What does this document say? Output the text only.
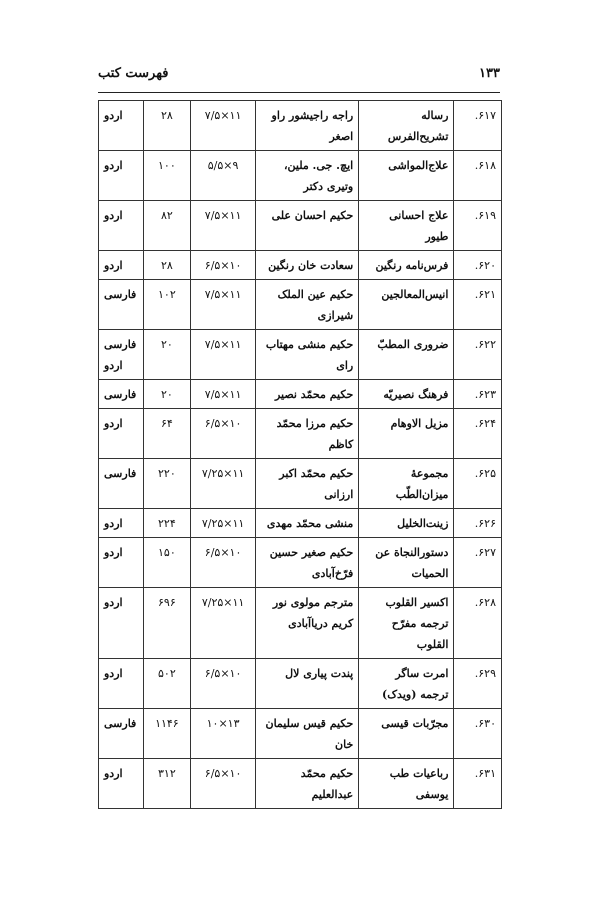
۱۳۳
فهرست کتب
۶۱۷.	رساله تشریح‌الفرس	راجه راجیشور راو اصغر	۱۱×۷/۵	۲۸	اردو
۶۱۸.	علاج‌المواشی	ایچ. جی. ملین، وتیری دکتر	۹×۵/۵	۱۰۰	اردو
۶۱۹.	علاج احسانی طیور	حکیم احسان علی	۱۱×۷/۵	۸۲	اردو
۶۲۰.	فرس‌نامه رنگین	سعادت خان رنگین	۱۰×۶/۵	۲۸	اردو
۶۲۱.	انیس‌المعالجین	حکیم عین الملک شیرازی	۱۱×۷/۵	۱۰۲	فارسی
۶۲۲.	ضروری المطبّ	حکیم منشی مهتاب رای	۱۱×۷/۵	۲۰	فارسی اردو
۶۲۳.	فرهنگ نصیریّه	حکیم محمّد نصیر	۱۱×۷/۵	۲۰	فارسی
۶۲۴.	مزیل الاوهام	حکیم مرزا محمّد کاظم	۱۰×۶/۵	۶۴	اردو
۶۲۵.	مجموعهٔ میزان‌الطّب	حکیم محمّد اکبر ارزانی	۱۱×۷/۲۵	۲۲۰	فارسی
۶۲۶.	زینت‌الخلیل	منشی محمّد مهدی	۱۱×۷/۲۵	۲۲۴	اردو
۶۲۷.	دستورالنجاة عن الحمیات	حکیم صغیر حسین فرّخ‌آبادی	۱۰×۶/۵	۱۵۰	اردو
۶۲۸.	اکسیر القلوب ترجمه مفرّح القلوب	مترجم مولوی نور کریم دریاآبادی	۱۱×۷/۲۵	۶۹۶	اردو
۶۲۹.	امرت ساگر ترجمه (ویدک)	پندت پیاری لال	۱۰×۶/۵	۵۰۲	اردو
۶۳۰.	مجرّبات قیسی	حکیم قیس سلیمان خان	۱۳×۱۰	۱۱۴۶	فارسی
۶۳۱.	رباعیات طب یوسفی	حکیم محمّد عبدالعلیم	۱۰×۶/۵	۳۱۲	اردو
